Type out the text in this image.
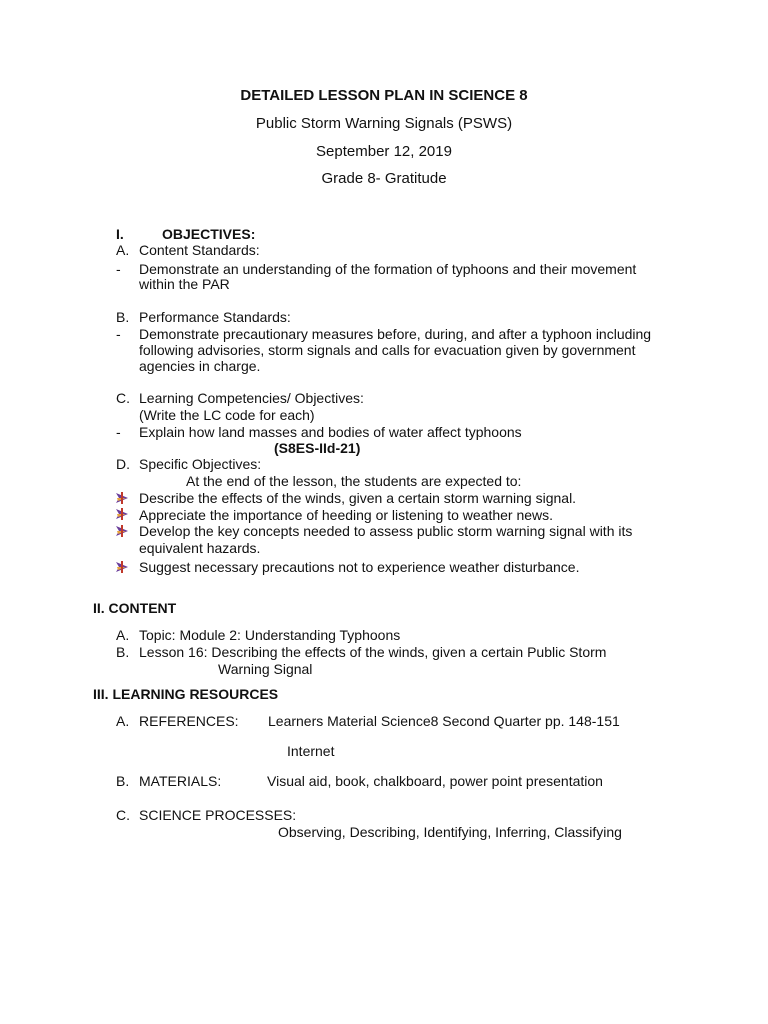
DETAILED LESSON PLAN IN SCIENCE 8
Public Storm Warning Signals (PSWS)
September 12, 2019
Grade 8- Gratitude
I.	OBJECTIVES:
A. Content Standards:
- Demonstrate an understanding of the formation of typhoons and their movement
within the PAR
B. Performance Standards:
- Demonstrate precautionary measures before, during, and after a typhoon including
following advisories, storm signals and calls for evacuation given by government
agencies in charge.
C. Learning Competencies/ Objectives:
(Write the LC code for each)
- Explain how land masses and bodies of water affect typhoons
(S8ES-IId-21)
D. Specific Objectives:
At the end of the lesson, the students are expected to:
Describe the effects of the winds, given a certain storm warning signal.
Appreciate the importance of heeding or listening to weather news.
Develop the key concepts needed to assess public storm warning signal with its
equivalent hazards.
Suggest necessary precautions not to experience weather disturbance.
II. CONTENT
A. Topic: Module 2: Understanding Typhoons
B. Lesson 16: Describing the effects of the winds, given a certain Public Storm
Warning Signal
III. LEARNING RESOURCES
A. REFERENCES: Learners Material Science8 Second Quarter pp. 148-151
Internet
B. MATERIALS:	Visual aid, book, chalkboard, power point presentation
C. SCIENCE PROCESSES:
Observing, Describing, Identifying, Inferring, Classifying
